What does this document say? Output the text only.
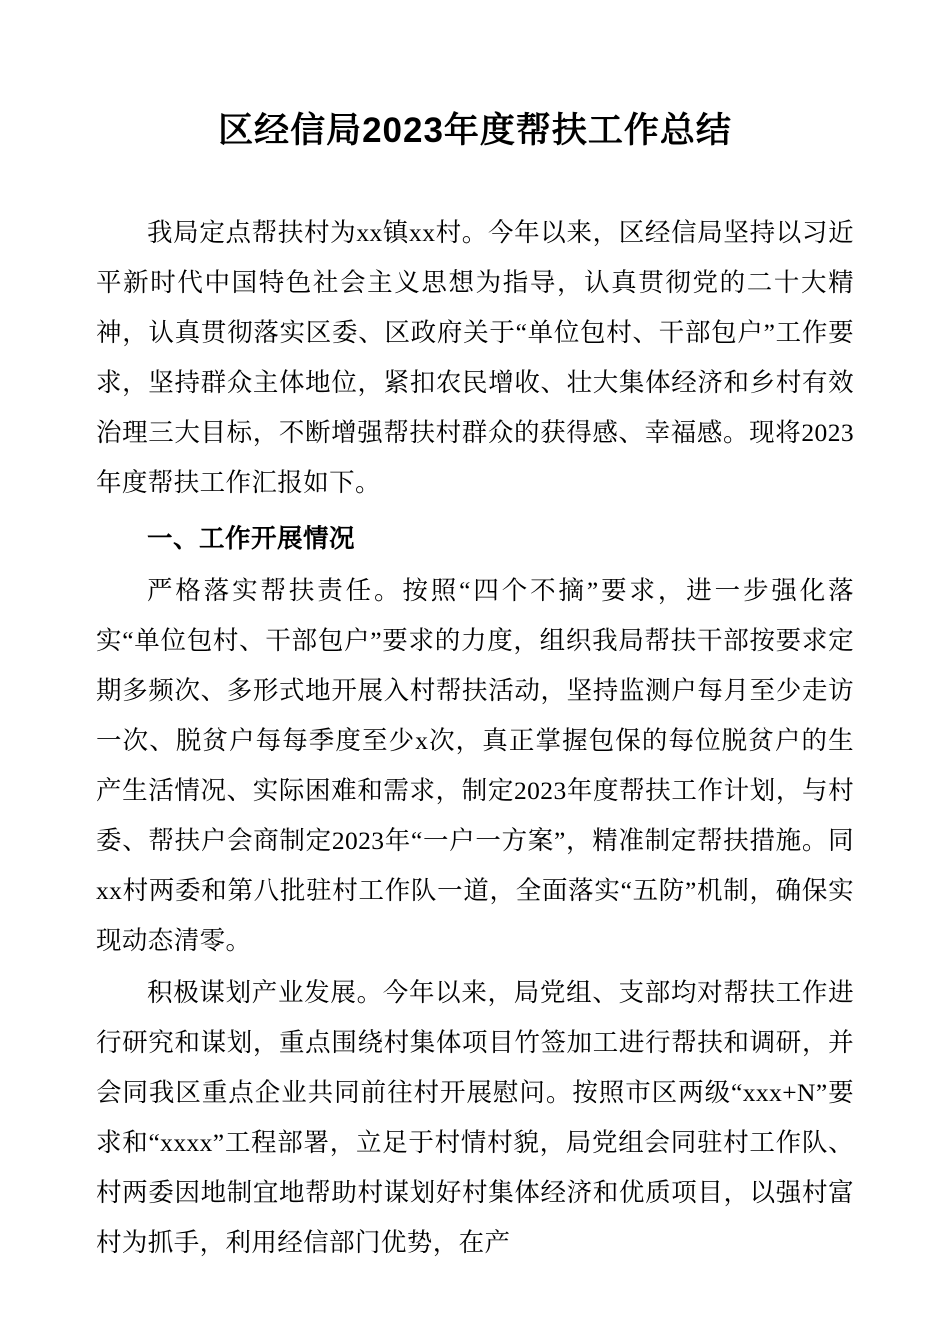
区经信局2023年度帮扶工作总结

我局定点帮扶村为xx镇xx村。今年以来，区经信局坚持以习近平新时代中国特色社会主义思想为指导，认真贯彻党的二十大精神，认真贯彻落实区委、区政府关于“单位包村、干部包户”工作要求，坚持群众主体地位，紧扣农民增收、壮大集体经济和乡村有效治理三大目标，不断增强帮扶村群众的获得感、幸福感。现将2023年度帮扶工作汇报如下。

一、工作开展情况

严格落实帮扶责任。按照“四个不摘”要求，进一步强化落实“单位包村、干部包户”要求的力度，组织我局帮扶干部按要求定期多频次、多形式地开展入村帮扶活动，坚持监测户每月至少走访一次、脱贫户每每季度至少x次，真正掌握包保的每位脱贫户的生产生活情况、实际困难和需求，制定2023年度帮扶工作计划，与村委、帮扶户会商制定2023年“一户一方案”，精准制定帮扶措施。同xx村两委和第八批驻村工作队一道，全面落实“五防”机制，确保实现动态清零。

积极谋划产业发展。今年以来，局党组、支部均对帮扶工作进行研究和谋划，重点围绕村集体项目竹签加工进行帮扶和调研，并会同我区重点企业共同前往村开展慰问。按照市区两级“xxx+N”要求和“xxxx”工程部署，立足于村情村貌，局党组会同驻村工作队、村两委因地制宜地帮助村谋划好村集体经济和优质项目，以强村富村为抓手，利用经信部门优势，在产
